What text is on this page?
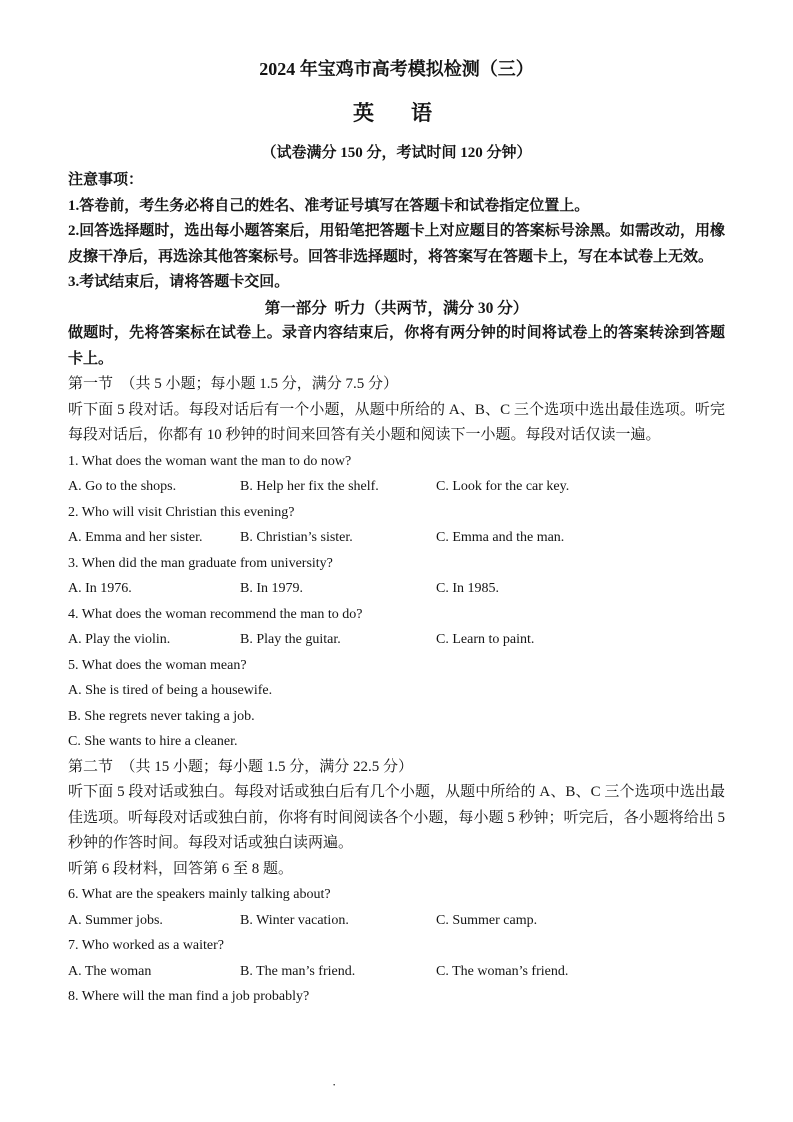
2024 年宝鸡市高考模拟检测（三）

英　语

（试卷满分 150 分，考试时间 120 分钟）

注意事项：

1.答卷前，考生务必将自己的姓名、准考证号填写在答题卡和试卷指定位置上。

2.回答选择题时，选出每小题答案后，用铅笔把答题卡上对应题目的答案标号涂黑。如需改动，用橡皮擦干净后，再选涂其他答案标号。回答非选择题时，将答案写在答题卡上，写在本试卷上无效。

3.考试结束后，请将答题卡交回。

第一部分  听力（共两节，满分 30 分）

做题时，先将答案标在试卷上。录音内容结束后，你将有两分钟的时间将试卷上的答案转涂到答题卡上。

第一节　（共 5 小题；每小题 1.5 分，满分 7.5 分）

听下面 5 段对话。每段对话后有一个小题，从题中所给的 A、B、C 三个选项中选出最佳选项。听完每段对话后，你都有 10 秒钟的时间来回答有关小题和阅读下一小题。每段对话仅读一遍。

1. What does the woman want the man to do now?

A. Go to the shops.	B. Help her fix the shelf.	C. Look for the car key.

2. Who will visit Christian this evening?

A. Emma and her sister.	B. Christian’s sister.	C. Emma and the man.

3. When did the man graduate from university?

A. In 1976.	B. In 1979.	C. In 1985.

4. What does the woman recommend the man to do?

A. Play the violin.	B. Play the guitar.	C. Learn to paint.

5. What does the woman mean?

A. She is tired of being a housewife.

B. She regrets never taking a job.

C. She wants to hire a cleaner.

第二节　（共 15 小题；每小题 1.5 分，满分 22.5 分）

听下面 5 段对话或独白。每段对话或独白后有几个小题，从题中所给的 A、B、C 三个选项中选出最佳选项。听每段对话或独白前，你将有时间阅读各个小题，每小题 5 秒钟；听完后，各小题将给出 5 秒钟的作答时间。每段对话或独白读两遍。

听第 6 段材料，回答第 6 至 8 题。

6. What are the speakers mainly talking about?

A. Summer jobs.	B. Winter vacation.	C. Summer camp.

7. Who worked as a waiter?

A. The woman	B. The man’s friend.	C. The woman’s friend.

8. Where will the man find a job probably?

·
